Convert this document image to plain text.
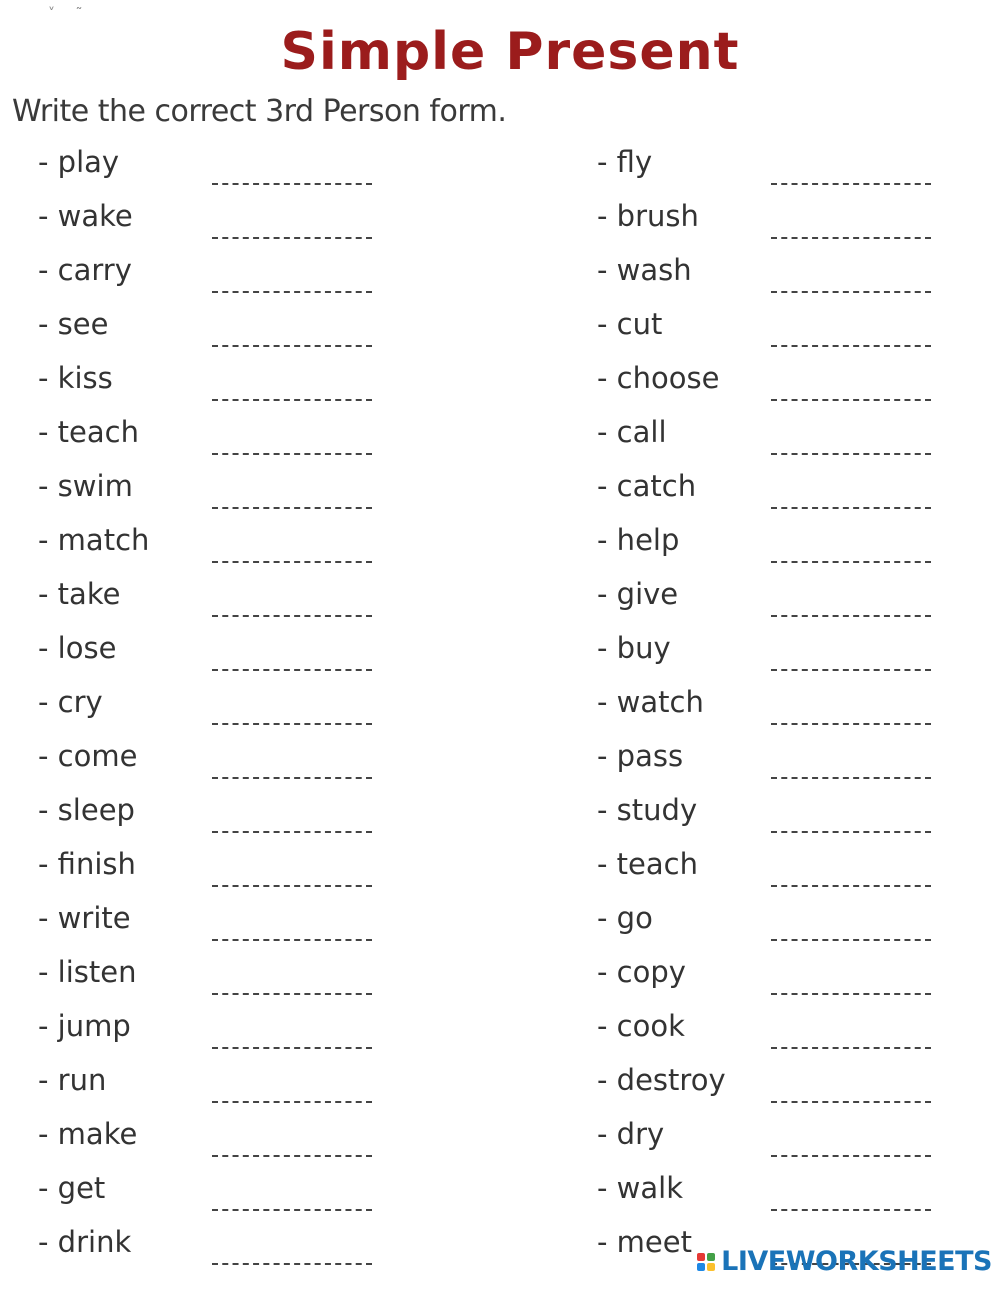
˅ ˜
Simple Present
Write the correct 3rd Person form.
- play
- wake
- carry
- see
- kiss
- teach
- swim
- match
- take
- lose
- cry
- come
- sleep
- finish
- write
- listen
- jump
- run
- make
- get
- drink
- fly
- brush
- wash
- cut
- choose
- call
- catch
- help
- give
- buy
- watch
- pass
- study
- teach
- go
- copy
- cook
- destroy
- dry
- walk
- meet
LIVEWORKSHEETS
